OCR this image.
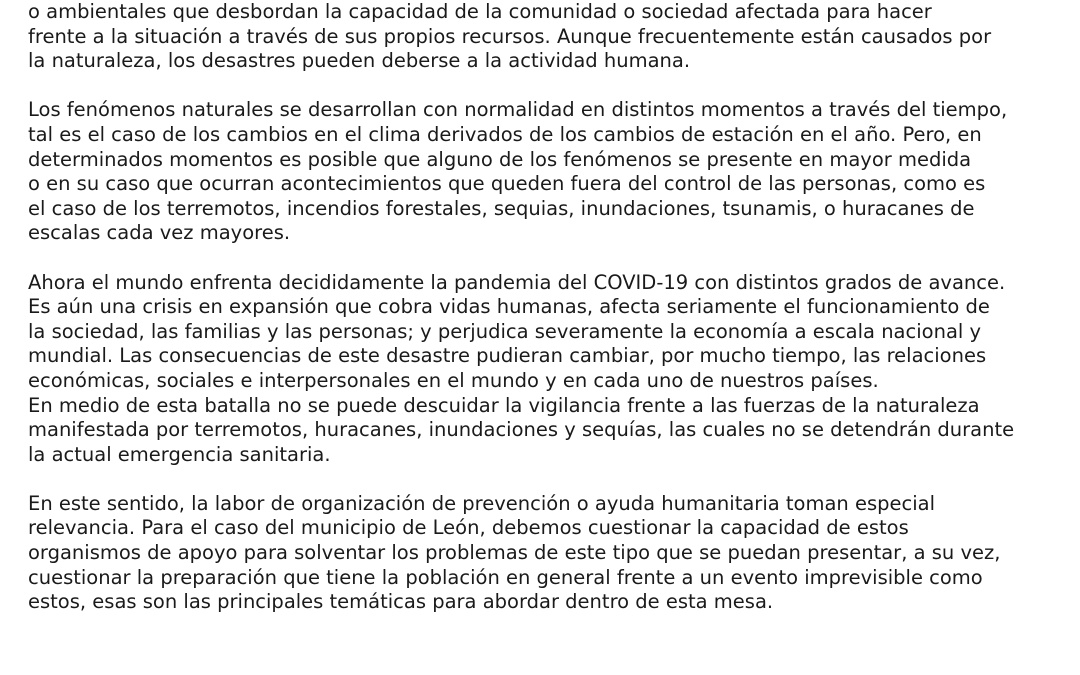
o ambientales que desbordan la capacidad de la comunidad o sociedad afectada para hacer
frente a la situación a través de sus propios recursos. Aunque frecuentemente están causados por
la naturaleza, los desastres pueden deberse a la actividad humana.

Los fenómenos naturales se desarrollan con normalidad en distintos momentos a través del tiempo,
tal es el caso de los cambios en el clima derivados de los cambios de estación en el año. Pero, en
determinados momentos es posible que alguno de los fenómenos se presente en mayor medida
o en su caso que ocurran acontecimientos que queden fuera del control de las personas, como es
el caso de los terremotos, incendios forestales, sequias, inundaciones, tsunamis, o huracanes de
escalas cada vez mayores.

Ahora el mundo enfrenta decididamente la pandemia del COVID-19 con distintos grados de avance.
Es aún una crisis en expansión que cobra vidas humanas, afecta seriamente el funcionamiento de
la sociedad, las familias y las personas; y perjudica severamente la economía a escala nacional y
mundial. Las consecuencias de este desastre pudieran cambiar, por mucho tiempo, las relaciones
económicas, sociales e interpersonales en el mundo y en cada uno de nuestros países.

En medio de esta batalla no se puede descuidar la vigilancia frente a las fuerzas de la naturaleza
manifestada por terremotos, huracanes, inundaciones y sequías, las cuales no se detendrán durante
la actual emergencia sanitaria.

En este sentido, la labor de organización de prevención o ayuda humanitaria toman especial
relevancia. Para el caso del municipio de León, debemos cuestionar la capacidad de estos
organismos de apoyo para solventar los problemas de este tipo que se puedan presentar, a su vez,
cuestionar la preparación que tiene la población en general frente a un evento imprevisible como
estos, esas son las principales temáticas para abordar dentro de esta mesa.
